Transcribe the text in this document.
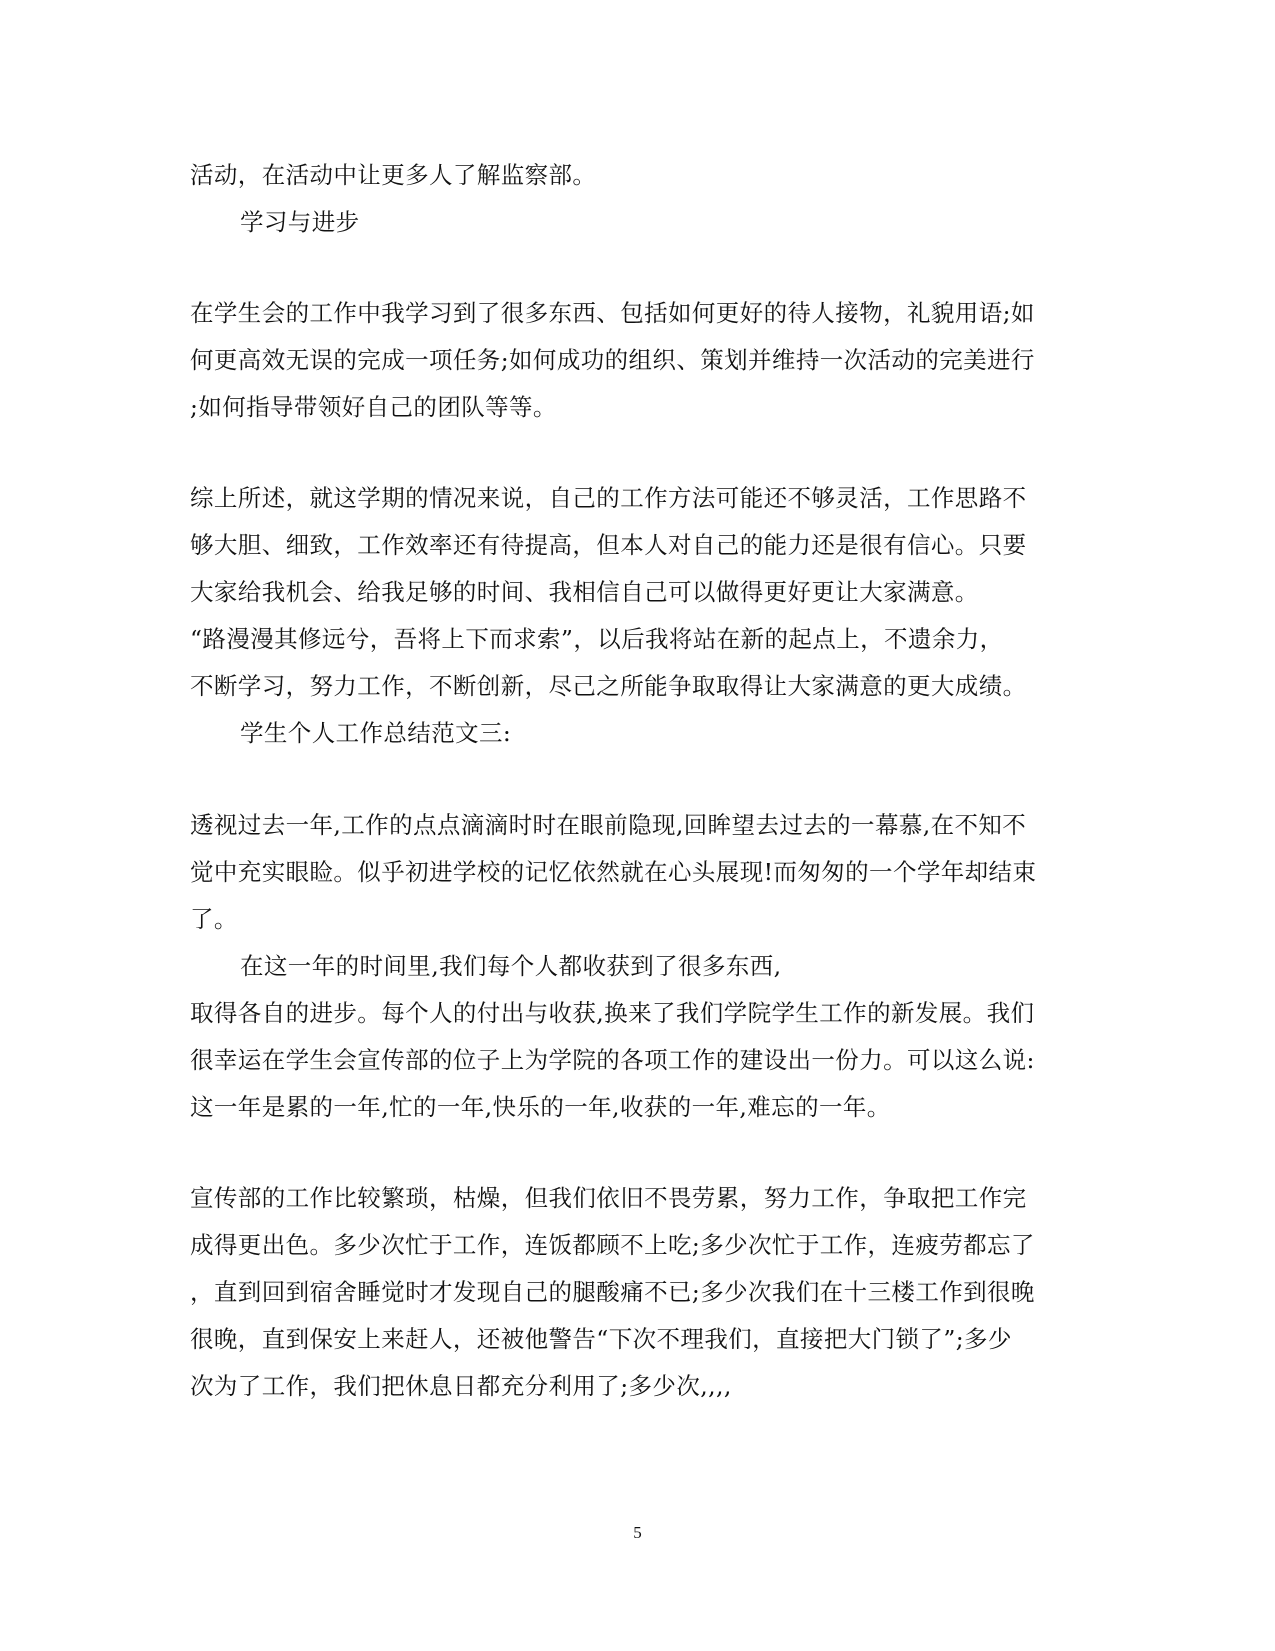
活动，在活动中让更多人了解监察部。
学习与进步
在学生会的工作中我学习到了很多东西、包括如何更好的待人接物，礼貌用语;如
何更高效无误的完成一项任务;如何成功的组织、策划并维持一次活动的完美进行
;如何指导带领好自己的团队等等。
综上所述，就这学期的情况来说，自己的工作方法可能还不够灵活，工作思路不
够大胆、细致，工作效率还有待提高，但本人对自己的能力还是很有信心。只要
大家给我机会、给我足够的时间、我相信自己可以做得更好更让大家满意。
“路漫漫其修远兮，吾将上下而求索”，以后我将站在新的起点上，不遗余力，
不断学习，努力工作，不断创新，尽己之所能争取取得让大家满意的更大成绩。
学生个人工作总结范文三:
透视过去一年,工作的点点滴滴时时在眼前隐现,回眸望去过去的一幕慕,在不知不
觉中充实眼睑。似乎初进学校的记忆依然就在心头展现!而匆匆的一个学年却结束
了。
在这一年的时间里,我们每个人都收获到了很多东西,
取得各自的进步。每个人的付出与收获,换来了我们学院学生工作的新发展。我们
很幸运在学生会宣传部的位子上为学院的各项工作的建设出一份力。可以这么说:
这一年是累的一年,忙的一年,快乐的一年,收获的一年,难忘的一年。
宣传部的工作比较繁琐，枯燥，但我们依旧不畏劳累，努力工作，争取把工作完
成得更出色。多少次忙于工作，连饭都顾不上吃;多少次忙于工作，连疲劳都忘了
，直到回到宿舍睡觉时才发现自己的腿酸痛不已;多少次我们在十三楼工作到很晚
很晚，直到保安上来赶人，还被他警告“下次不理我们，直接把大门锁了”;多少
次为了工作，我们把休息日都充分利用了;多少次,,,,
5
